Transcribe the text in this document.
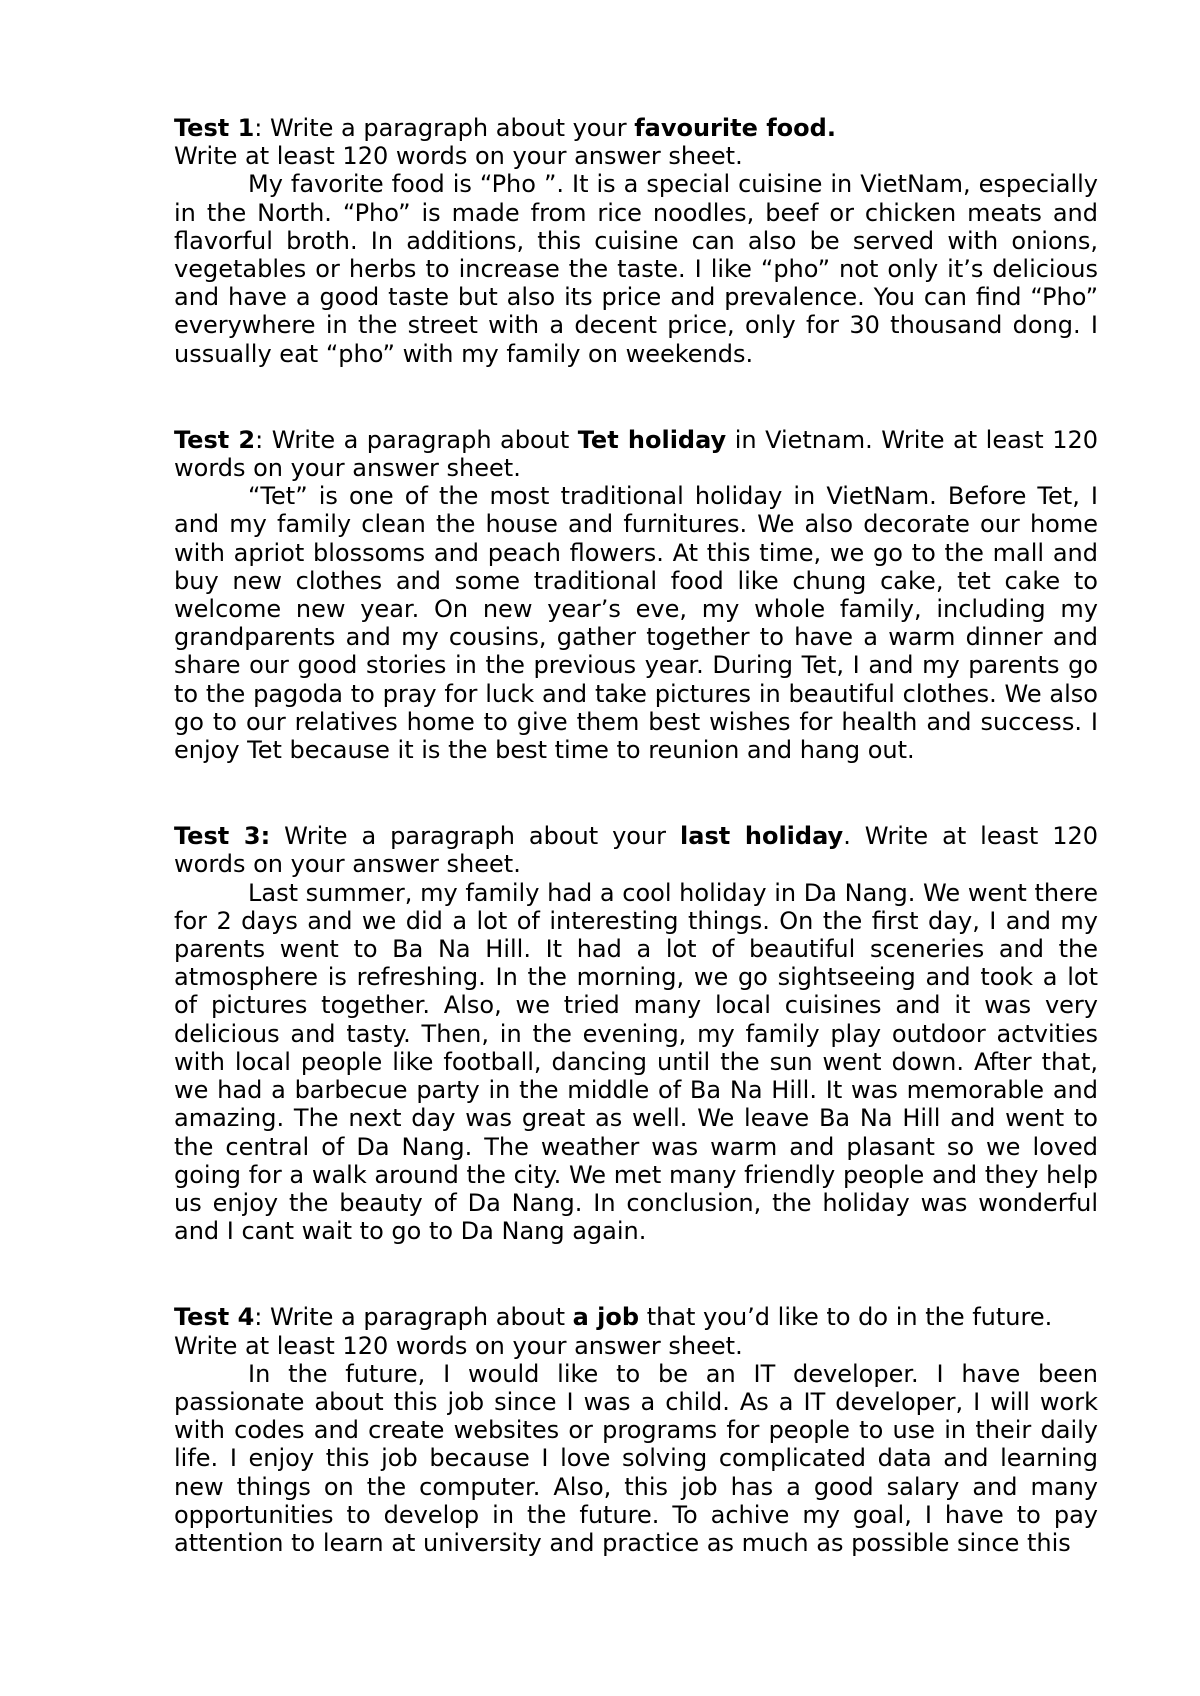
Test 1: Write a paragraph about your favourite food.

Write at least 120 words on your answer sheet.

My favorite food is “Pho ”. It is a special cuisine in VietNam, especially in the North. “Pho” is made from rice noodles, beef or chicken meats and flavorful broth. In additions, this cuisine can also be served with onions, vegetables or herbs to increase the taste. I like “pho” not only it’s delicious and have a good taste but also its price and prevalence. You can find “Pho” everywhere in the street with a decent price, only for 30 thousand dong. I ussually eat “pho” with my family on weekends.

Test 2: Write a paragraph about Tet holiday in Vietnam. Write at least 120 words on your answer sheet.

“Tet” is one of the most traditional holiday in VietNam. Before Tet, I and my family clean the house and furnitures. We also decorate our home with apriot blossoms and peach flowers. At this time, we go to the mall and buy new clothes and some traditional food like chung cake, tet cake to welcome new year. On new year’s eve, my whole family, including my grandparents and my cousins, gather together to have a warm dinner and share our good stories in the previous year. During Tet, I and my parents go to the pagoda to pray for luck and take pictures in beautiful clothes. We also go to our relatives home to give them best wishes for health and success. I enjoy Tet because it is the best time to reunion and hang out.

Test 3: Write a paragraph about your last holiday. Write at least 120 words on your answer sheet.

Last summer, my family had a cool holiday in Da Nang. We went there for 2 days and we did a lot of interesting things. On the first day, I and my parents went to Ba Na Hill. It had a lot of beautiful sceneries and the atmosphere is refreshing. In the morning, we go sightseeing and took a lot of pictures together. Also, we tried many local cuisines and it was very delicious and tasty. Then, in the evening, my family play outdoor actvities with local people like football, dancing until the sun went down. After that, we had a barbecue party in the middle of Ba Na Hill. It was memorable and amazing. The next day was great as well. We leave Ba Na Hill and went to the central of Da Nang. The weather was warm and plasant so we loved going for a walk around the city. We met many friendly people and they help us enjoy the beauty of Da Nang. In conclusion, the holiday was wonderful and I cant wait to go to Da Nang again.

Test 4: Write a paragraph about a job that you’d like to do in the future.

Write at least 120 words on your answer sheet.

In the future, I would like to be an IT developer. I have been passionate about this job since I was a child. As a IT developer, I will work with codes and create websites or programs for people to use in their daily life. I enjoy this job because I love solving complicated data and learning new things on the computer. Also, this job has a good salary and many opportunities to develop in the future. To achive my goal, I have to pay attention to learn at university and practice as much as possible since this
